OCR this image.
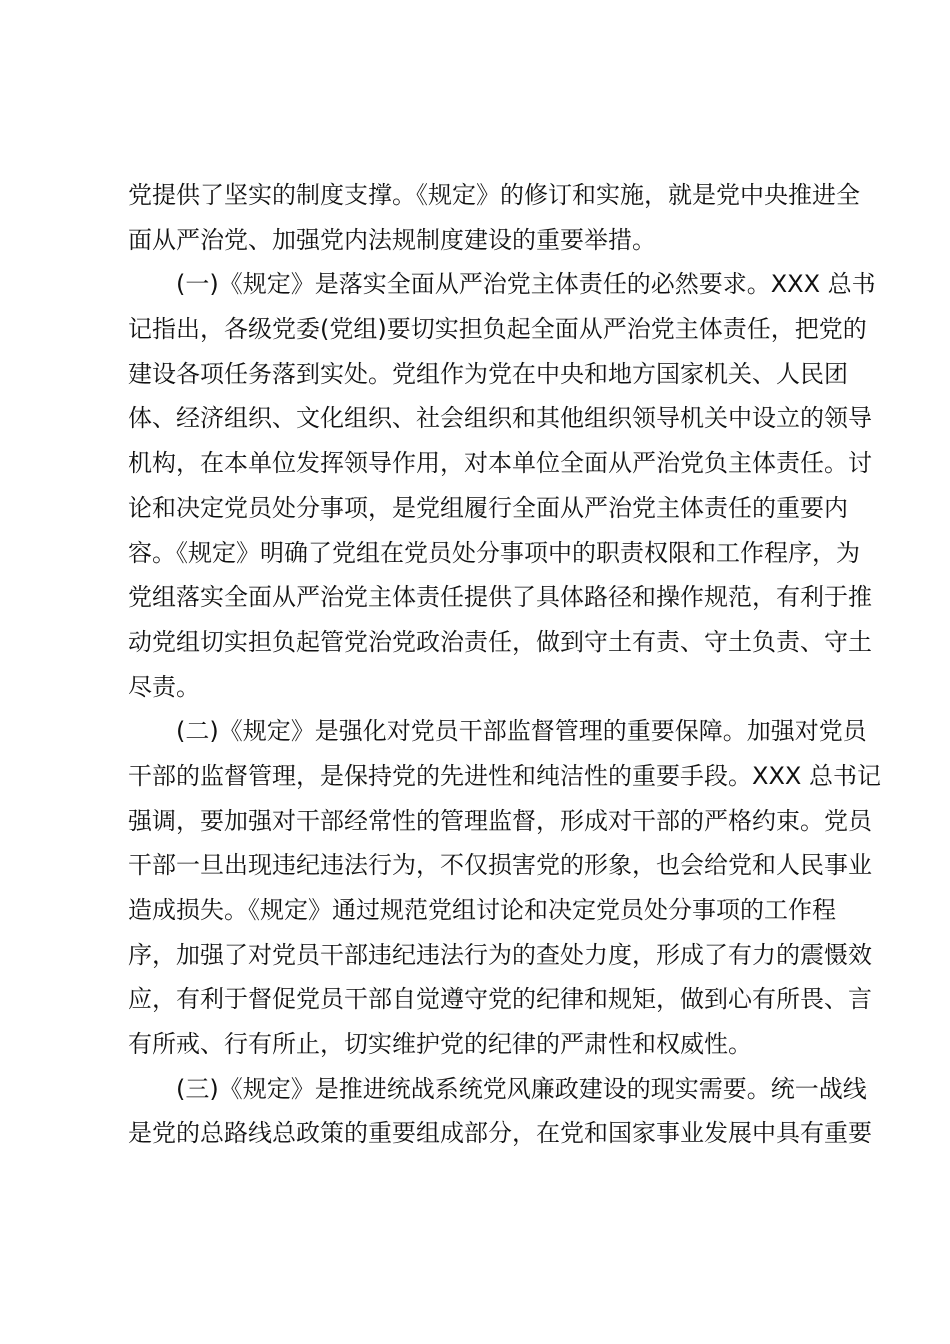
党提供了坚实的制度支撑。《规定》的修订和实施，就是党中央推进全
面从严治党、加强党内法规制度建设的重要举措。
(一)《规定》是落实全面从严治党主体责任的必然要求。XXX 总书
记指出，各级党委(党组)要切实担负起全面从严治党主体责任，把党的
建设各项任务落到实处。党组作为党在中央和地方国家机关、人民团
体、经济组织、文化组织、社会组织和其他组织领导机关中设立的领导
机构，在本单位发挥领导作用，对本单位全面从严治党负主体责任。讨
论和决定党员处分事项，是党组履行全面从严治党主体责任的重要内
容。《规定》明确了党组在党员处分事项中的职责权限和工作程序，为
党组落实全面从严治党主体责任提供了具体路径和操作规范，有利于推
动党组切实担负起管党治党政治责任，做到守土有责、守土负责、守土
尽责。
(二)《规定》是强化对党员干部监督管理的重要保障。加强对党员
干部的监督管理，是保持党的先进性和纯洁性的重要手段。XXX 总书记
强调，要加强对干部经常性的管理监督，形成对干部的严格约束。党员
干部一旦出现违纪违法行为，不仅损害党的形象，也会给党和人民事业
造成损失。《规定》通过规范党组讨论和决定党员处分事项的工作程
序，加强了对党员干部违纪违法行为的查处力度，形成了有力的震慑效
应，有利于督促党员干部自觉遵守党的纪律和规矩，做到心有所畏、言
有所戒、行有所止，切实维护党的纪律的严肃性和权威性。
(三)《规定》是推进统战系统党风廉政建设的现实需要。统一战线
是党的总路线总政策的重要组成部分，在党和国家事业发展中具有重要
